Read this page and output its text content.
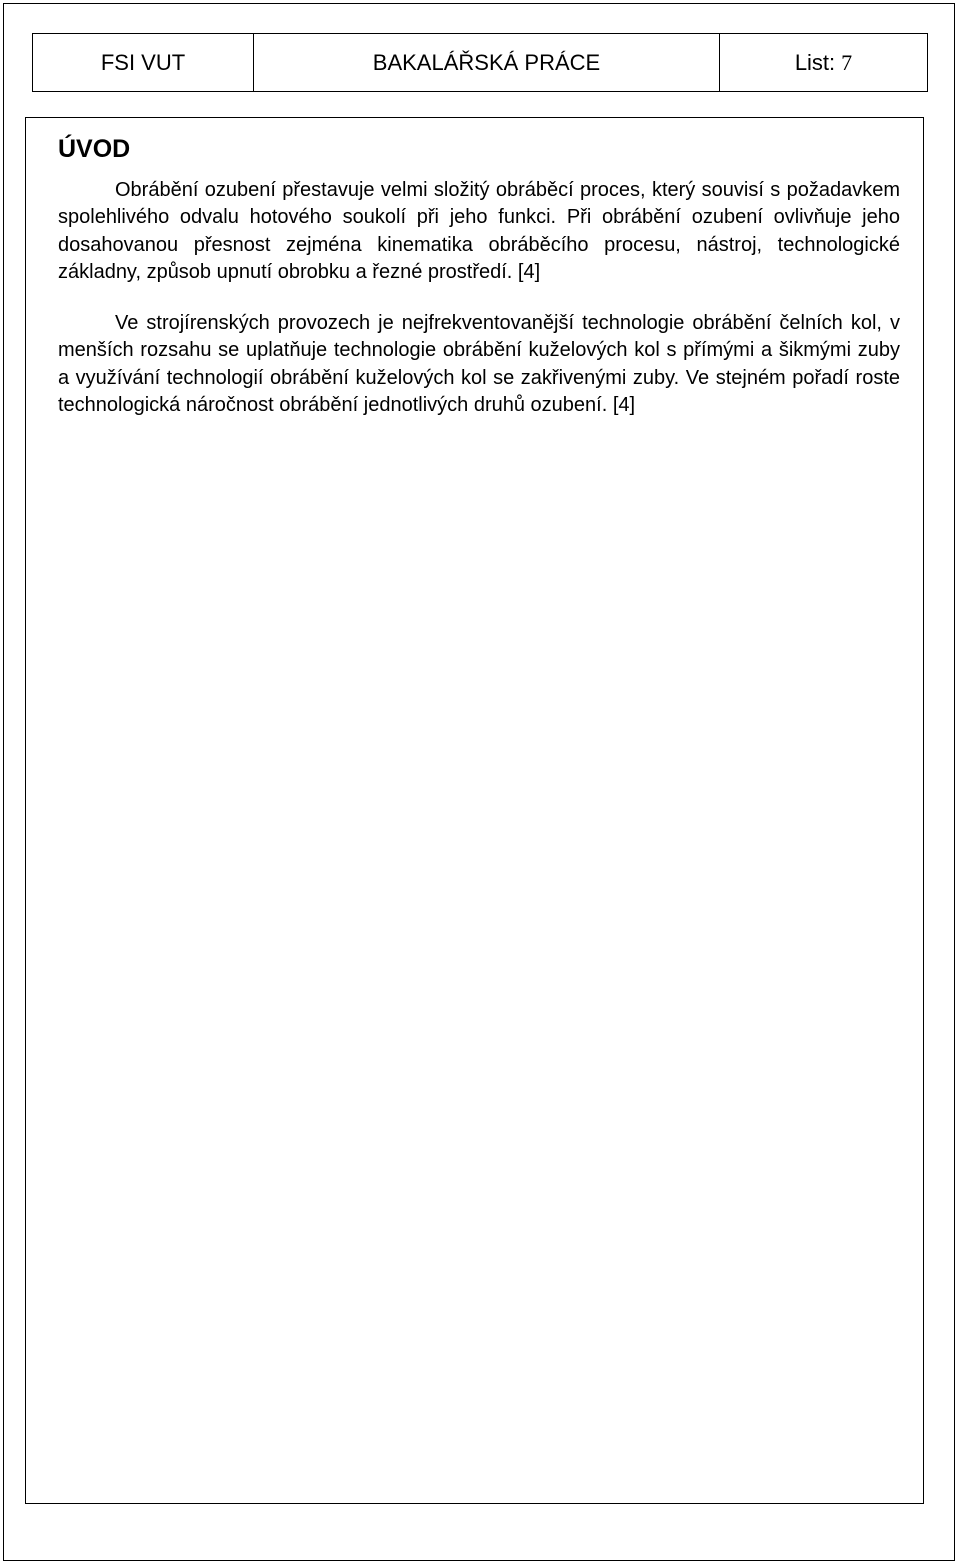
FSI VUT	BAKALÁŘSKÁ PRÁCE	List: 7
ÚVOD

Obrábění ozubení přestavuje velmi složitý obráběcí proces, který souvisí s požadavkem spolehlivého odvalu hotového soukolí při jeho funkci. Při obrábění ozubení ovlivňuje jeho dosahovanou přesnost zejména kinematika obráběcího procesu, nástroj, technologické základny, způsob upnutí obrobku a řezné prostředí. [4]

Ve strojírenských provozech je nejfrekventovanější technologie obrábění čelních kol, v menších rozsahu se uplatňuje technologie obrábění kuželových kol s přímými a šikmými zuby a využívání technologií obrábění kuželových kol se zakřivenými zuby. Ve stejném pořadí roste technologická náročnost obrábění jednotlivých druhů ozubení. [4]
